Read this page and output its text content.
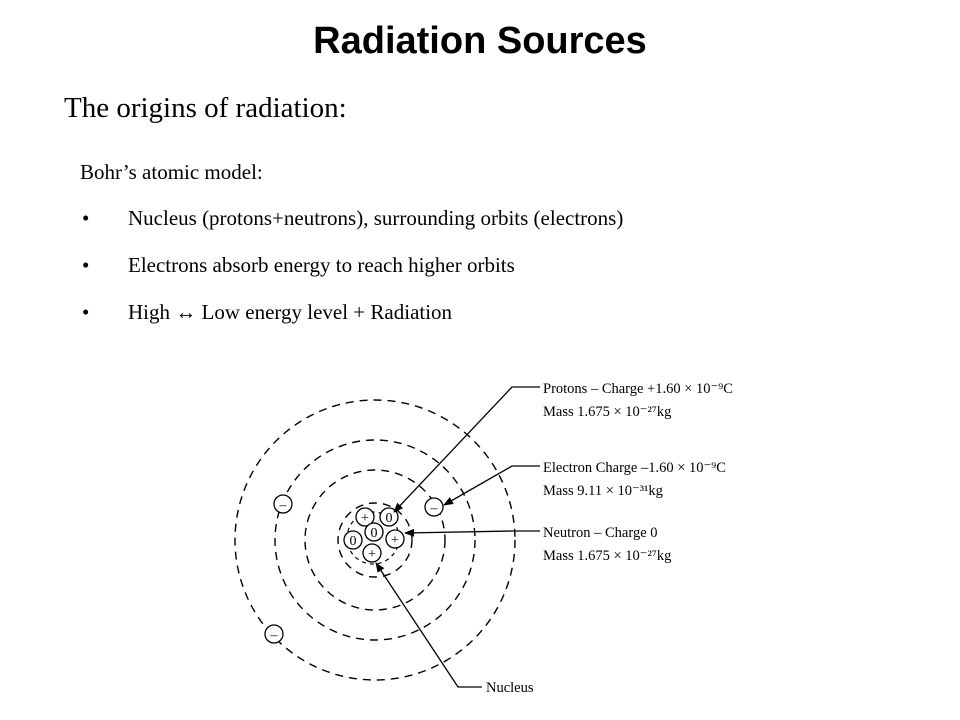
Radiation Sources
The origins of radiation:
Bohr’s atomic model:
• Nucleus (protons+neutrons), surrounding orbits (electrons)
• Electrons absorb energy to reach higher orbits
• High ↔ Low energy level + Radiation
+ 0
0
0 +
+
–	–
–
Protons – Charge +1.60 × 10⁻⁹C
Mass 1.675 × 10⁻²⁷kg
Electron Charge –1.60 × 10⁻⁹C
Mass 9.11 × 10⁻³¹kg
Neutron – Charge 0
Mass 1.675 × 10⁻²⁷kg
Nucleus
